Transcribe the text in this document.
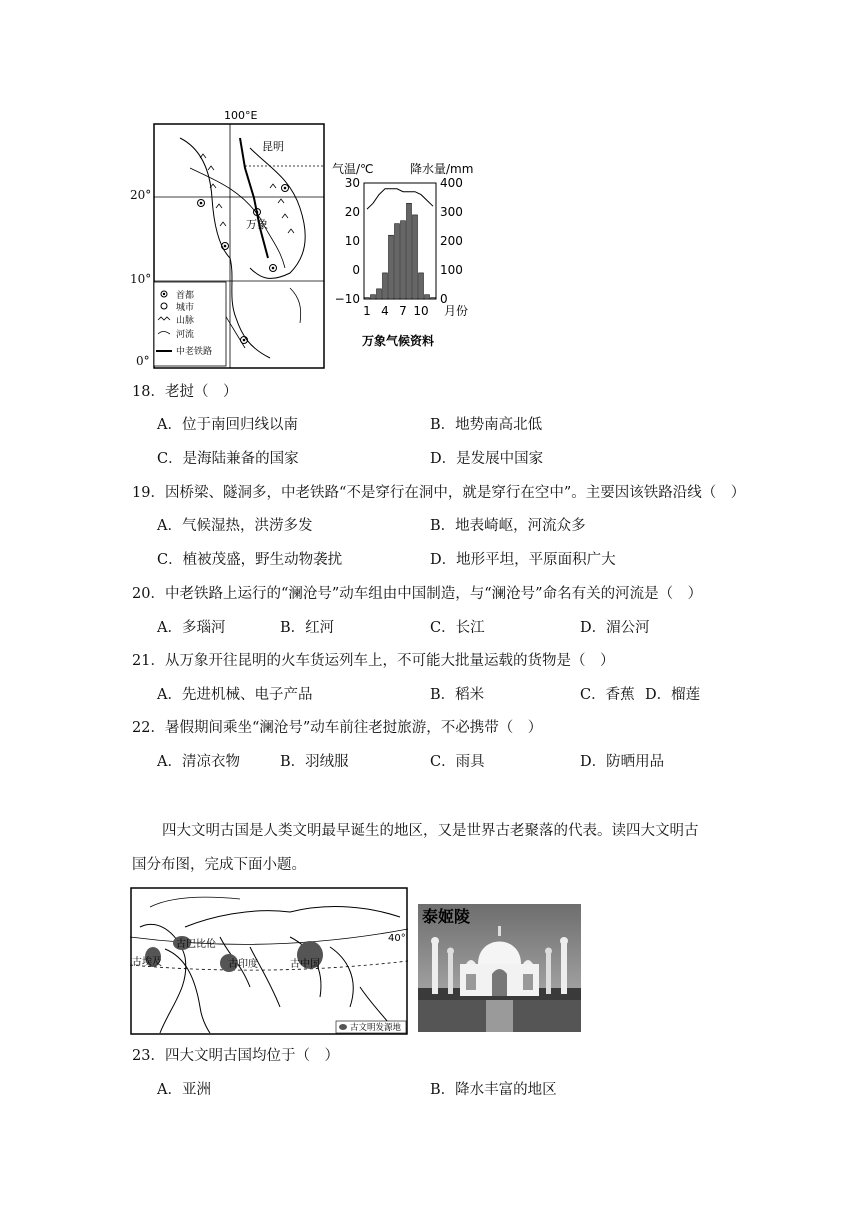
100°E
昆明
万象
首都
城市
山脉
河流
中老铁路
20°
10°
0°
气温/℃	降水量/mm
30
20
10
0
−10
400
300
200
100
0
1 4 7 10 月份
万象气候资料
18．老挝（　）
A．位于南回归线以南	B．地势南高北低
C．是海陆兼备的国家	D．是发展中国家
19．因桥梁、隧洞多，中老铁路“不是穿行在洞中，就是穿行在空中”。主要因该铁路沿线（　）
A．气候湿热，洪涝多发	B．地表崎岖，河流众多
C．植被茂盛，野生动物袭扰	D．地形平坦，平原面积广大
20．中老铁路上运行的“澜沧号”动车组由中国制造，与“澜沧号”命名有关的河流是（　）
A．多瑙河	B．红河	C．长江	D．湄公河
21．从万象开往昆明的火车货运列车上，不可能大批量运载的货物是（　）
A．先进机械、电子产品	B．稻米	C．香蕉 D．榴莲
22．暑假期间乘坐“澜沧号”动车前往老挝旅游，不必携带（　）
A．清凉衣物	B．羽绒服	C．雨具	D．防晒用品
四大文明古国是人类文明最早诞生的地区，又是世界古老聚落的代表。读四大文明古
国分布图，完成下面小题。
40°
古埃及
古巴比伦
古印度	古中国
古文明发源地
泰姬陵
23．四大文明古国均位于（　）
A．亚洲	B．降水丰富的地区
